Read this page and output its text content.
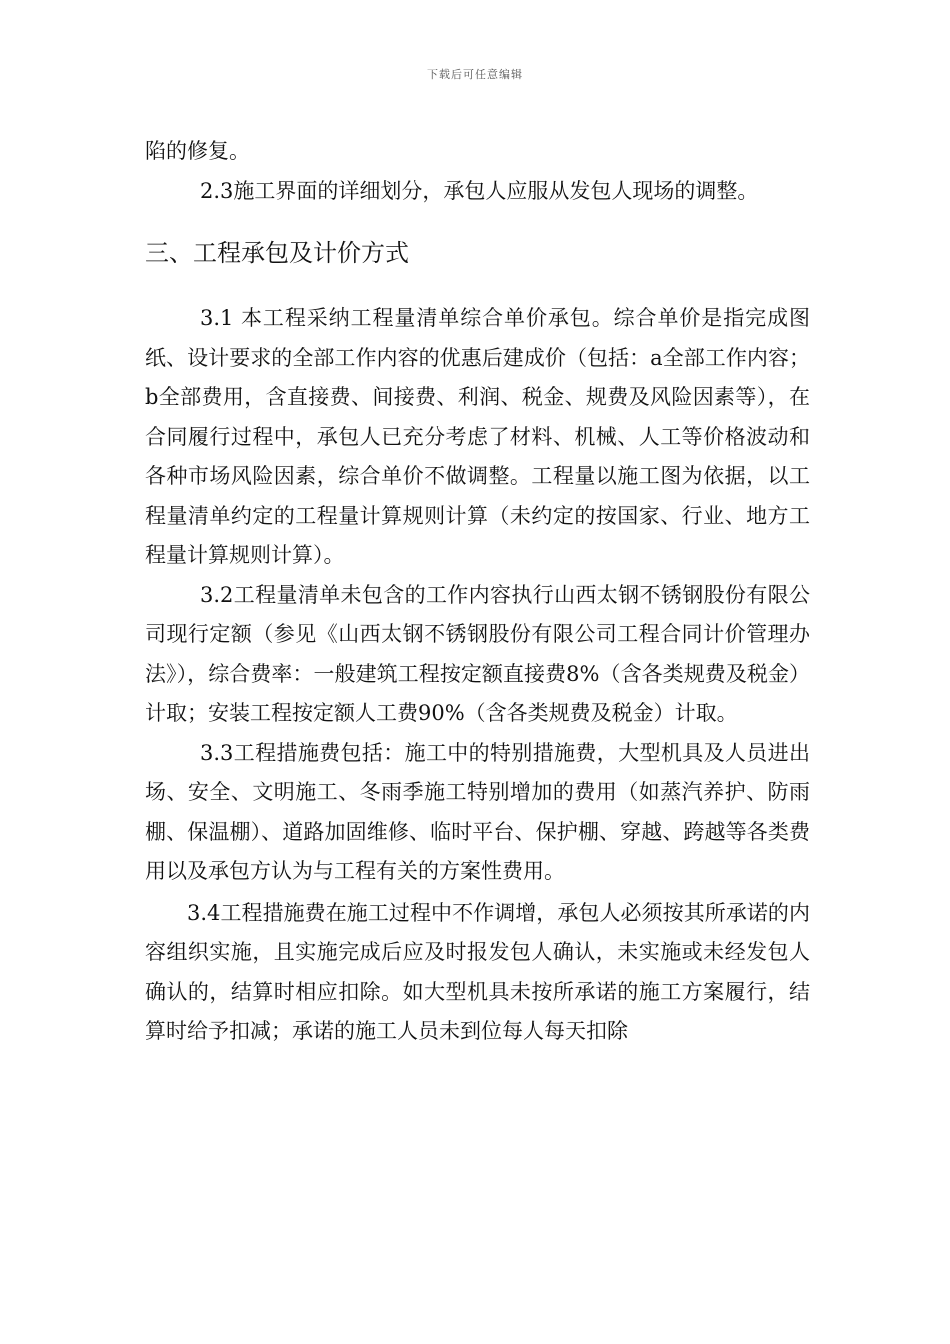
下载后可任意编辑

陷的修复。

2.3施工界面的详细划分，承包人应服从发包人现场的调整。

三、工程承包及计价方式

3.1 本工程采纳工程量清单综合单价承包。综合单价是指完成图纸、设计要求的全部工作内容的优惠后建成价（包括：a全部工作内容；b全部费用，含直接费、间接费、利润、税金、规费及风险因素等），在合同履行过程中，承包人已充分考虑了材料、机械、人工等价格波动和各种市场风险因素，综合单价不做调整。工程量以施工图为依据，以工程量清单约定的工程量计算规则计算（未约定的按国家、行业、地方工程量计算规则计算）。

3.2工程量清单未包含的工作内容执行山西太钢不锈钢股份有限公司现行定额（参见《山西太钢不锈钢股份有限公司工程合同计价管理办法》），综合费率：一般建筑工程按定额直接费8%（含各类规费及税金）计取；安装工程按定额人工费90%（含各类规费及税金）计取。

3.3工程措施费包括：施工中的特别措施费，大型机具及人员进出场、安全、文明施工、冬雨季施工特别增加的费用（如蒸汽养护、防雨棚、保温棚）、道路加固维修、临时平台、保护棚、穿越、跨越等各类费用以及承包方认为与工程有关的方案性费用。

3.4工程措施费在施工过程中不作调增，承包人必须按其所承诺的内容组织实施，且实施完成后应及时报发包人确认，未实施或未经发包人确认的，结算时相应扣除。如大型机具未按所承诺的施工方案履行，结算时给予扣减；承诺的施工人员未到位每人每天扣除
